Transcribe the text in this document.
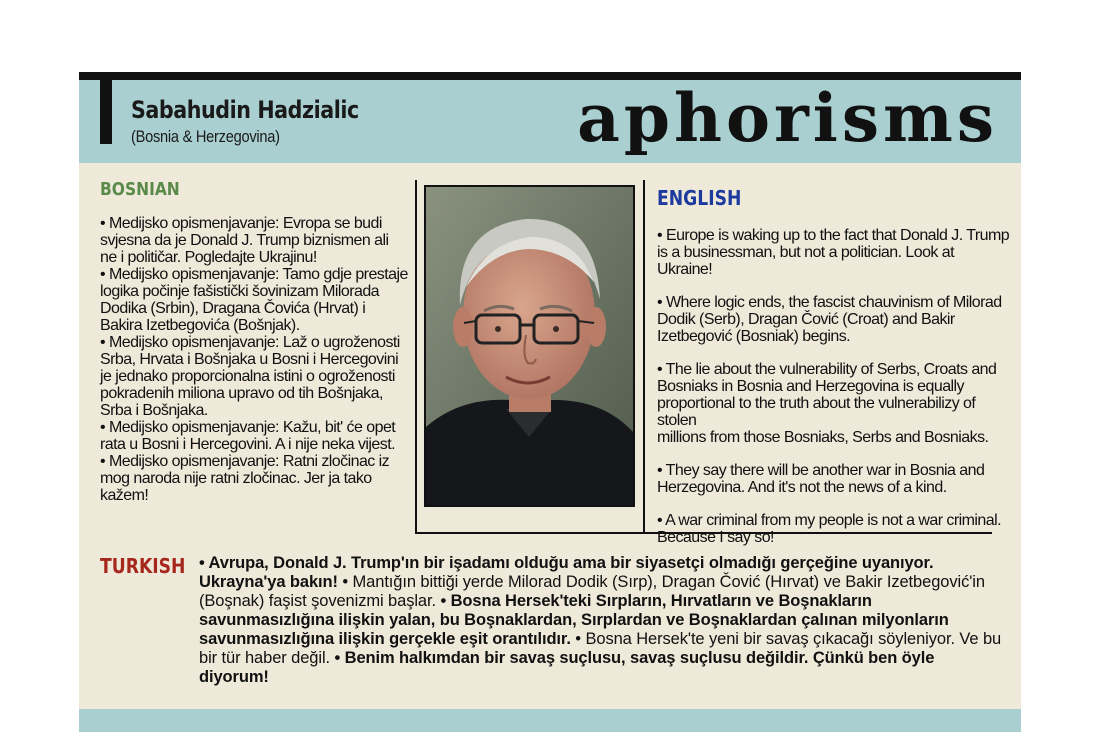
Sabahudin Hadzialic
(Bosnia & Herzegovina)	aphorisms
BOSNIAN
• Medijsko opismenjavanje: Evropa se budi
svjesna da je Donald J. Trump biznismen ali
ne i političar. Pogledajte Ukrajinu!
• Medijsko opismenjavanje: Tamo gdje prestaje
logika počinje fašistički šovinizam Milorada
Dodika (Srbin), Dragana Čovića (Hrvat) i
Bakira Izetbegovića (Bošnjak).
• Medijsko opismenjavanje: Laž o ugroženosti
Srba, Hrvata i Bošnjaka u Bosni i Hercegovini
je jednako proporcionalna istini o ogroženosti
pokradenih miliona upravo od tih Bošnjaka,
Srba i Bošnjaka.
• Medijsko opismenjavanje: Kažu, bit' će opet
rata u Bosni i Hercegovini. A i nije neka vijest.
• Medijsko opismenjavanje: Ratni zločinac iz
mog naroda nije ratni zločinac. Jer ja tako
kažem!
ENGLISH
• Europe is waking up to the fact that Donald J. Trump
is a businessman, but not a politician. Look at Ukraine!
• Where logic ends, the fascist chauvinism of Milorad
Dodik (Serb), Dragan Čović (Croat) and Bakir
Izetbegović (Bosniak) begins.
• The lie about the vulnerability of Serbs, Croats and
Bosniaks in Bosnia and Herzegovina is equally
proportional to the truth about the vulnerabilizy of stolen
millions from those Bosniaks, Serbs and Bosniaks.
• They say there will be another war in Bosnia and
Herzegovina. And it's not the news of a kind.
• A war criminal from my people is not a war criminal.
Because I say so!
TURKISH • Avrupa, Donald J. Trump'ın bir işadamı olduğu ama bir siyasetçi olmadığı gerçeğine uyanıyor. Ukrayna'ya bakın! • Mantığın bittiği yerde Milorad Dodik (Sırp), Dragan Čović (Hırvat) ve Bakir Izetbegović'in (Boşnak) faşist şovenizmi başlar. • Bosna Hersek'teki Sırpların, Hırvatların ve Boşnakların savunmasızlığına ilişkin yalan, bu Boşnaklardan, Sırplardan ve Boşnaklardan çalınan milyonların savunmasızlığına ilişkin gerçekle eşit orantılıdır. • Bosna Hersek'te yeni bir savaş çıkacağı söyleniyor. Ve bu bir tür haber değil. • Benim halkımdan bir savaş suçlusu, savaş suçlusu değildir. Çünkü ben öyle diyorum!
